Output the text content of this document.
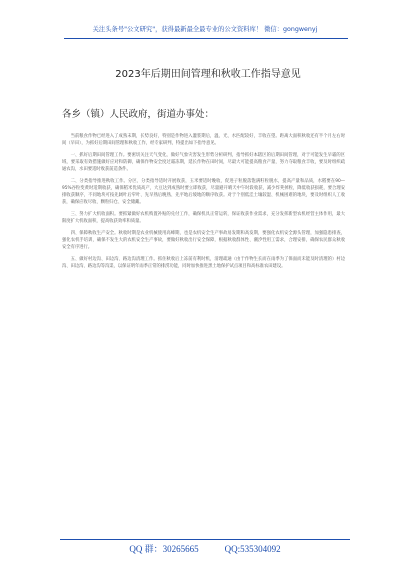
关注头条号"公文研究"，获得最新最全最专业的公文资料库！ 微信：gongwenyj
2023年后期田间管理和秋收工作指导意见
各乡（镇）人民政府，街道办事处：

当前粮食作物已经进入了成熟末期，长势良好，特别是作物进入灌浆期后，温、光、水匹配较好，丰收在望。距离大面积秋收还有半个月左右时间（早田），为抓好后期田间管理和秋收工作，经专家研判，特提出如下指导意见。

一、抓好后期田间管理工作。要密切关注天气变化，做好气象灾害发生形势分析研判，指导抓好本辖区的后期田间管理，对于可能发生早霜的区域，要采取有效措施做好应对和防御，确保作物安全度过霜冻期，延长作物在田时间，尽最大可能提高粮食产量，努力夺取粮食丰收，要及时组织疏通农沟，水田要适时收获前造条件。

二、分类指导推进秋收工作。分区、分类指导适时开展收获，玉米要适时晚收，促进子粒脱落饱满籽粒脱水，提高产量和品质，水稻要在90—95%谷粒变黄时适期收获，确保稻米优质高产，大豆达到成熟时要立即收获，尽量避开晴天中午时段收获，减少炸荚掉粒，降低收获损耗，要合理安排收获顺序，不同地块可按先阔叶后窄叶、先早熟后晚熟、先平地后坡地的顺序收获。对于个别低洼土壤较湿、机械困难的地块，要及时组织人工收获，确保应收尽收、颗粒归仓、安全储藏。

三、努力扩大机收面积。要抓紧做好农机购置补贴的兑付工作，确保机具正常运转，保证收获作业需求，充分发挥新型农机经营主体作用，最大限度扩大机收面积，提高收获效率和质量。

四、保障秋收生产安全。秋收时期是农业机械使用高峰期，也是农机安全生产事故易发期和高发期，要强化农机安全源头管理，加强隐患排查，强化农机手培训，确保不发生大的农机安全生产事故，要做好秋收出行安全保障，根据秋收群体性、潮汐性用工需求，合理安排，确保农民群众秋收安全有序进行。

五、做好村边沟、田边沟、路边沟清理工作。抓住秋收后上冻前有利时机，清理疏通（由于作物生长而在雨季为了保面而未能及时清理的）村边沟、田边沟、路边沟等沟渠，以保证明年雨季正常的排涝功能，同时加快推进黑土地保护试点项目和高标准农田建设。

QQ 群：30265665	QQ:535304092
